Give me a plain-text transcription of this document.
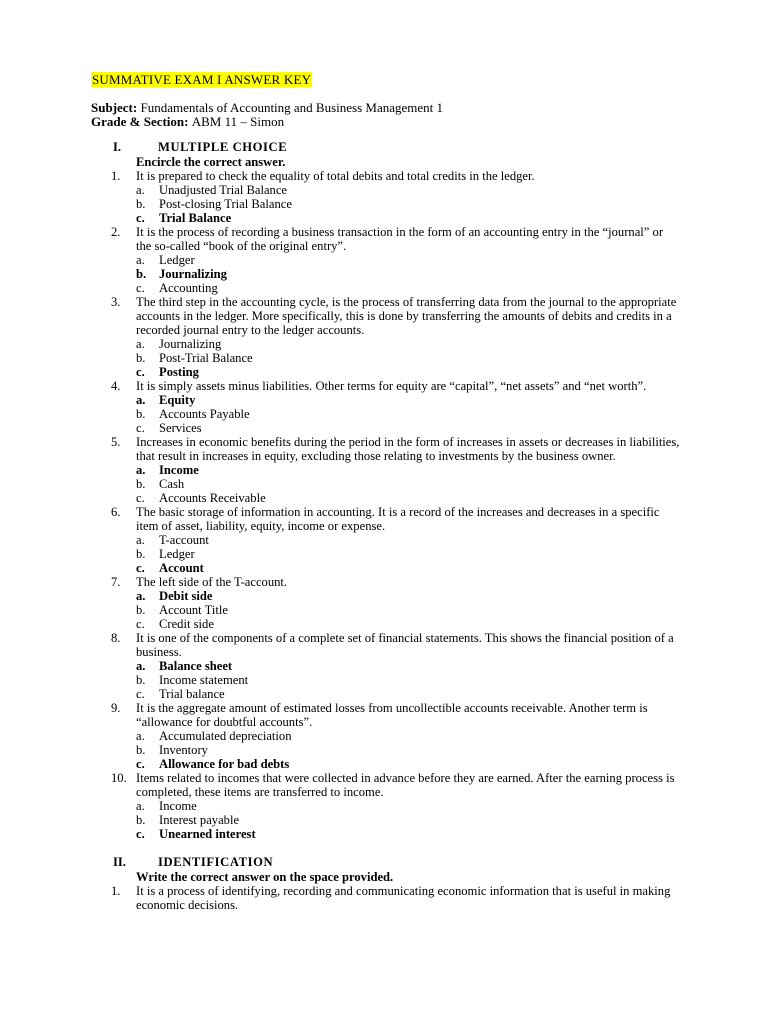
SUMMATIVE EXAM I ANSWER KEY
Subject: Fundamentals of Accounting and Business Management 1
Grade & Section: ABM 11 – Simon
I.	MULTIPLE CHOICE
Encircle the correct answer.
1.	It is prepared to check the equality of total debits and total credits in the ledger.
a. Unadjusted Trial Balance
b. Post-closing Trial Balance
c. Trial Balance
2.	It is the process of recording a business transaction in the form of an accounting entry in the “journal” or the so-called “book of the original entry”.
a. Ledger
b. Journalizing
c. Accounting
3.	The third step in the accounting cycle, is the process of transferring data from the journal to the appropriate accounts in the ledger. More specifically, this is done by transferring the amounts of debits and credits in a recorded journal entry to the ledger accounts.
a. Journalizing
b. Post-Trial Balance
c. Posting
4.	It is simply assets minus liabilities. Other terms for equity are “capital”, “net assets” and “net worth”.
a. Equity
b. Accounts Payable
c. Services
5.	Increases in economic benefits during the period in the form of increases in assets or decreases in liabilities, that result in increases in equity, excluding those relating to investments by the business owner.
a. Income
b. Cash
c. Accounts Receivable
6.	The basic storage of information in accounting. It is a record of the increases and decreases in a specific item of asset, liability, equity, income or expense.
a. T-account
b. Ledger
c. Account
7.	The left side of the T-account.
a. Debit side
b. Account Title
c. Credit side
8.	It is one of the components of a complete set of financial statements. This shows the financial position of a business.
a. Balance sheet
b. Income statement
c. Trial balance
9.	It is the aggregate amount of estimated losses from uncollectible accounts receivable. Another term is “allowance for doubtful accounts”.
a. Accumulated depreciation
b. Inventory
c. Allowance for bad debts
10. Items related to incomes that were collected in advance before they are earned. After the earning process is completed, these items are transferred to income.
a. Income
b. Interest payable
c. Unearned interest
II.	IDENTIFICATION
Write the correct answer on the space provided.
1.	It is a process of identifying, recording and communicating economic information that is useful in making economic decisions.
